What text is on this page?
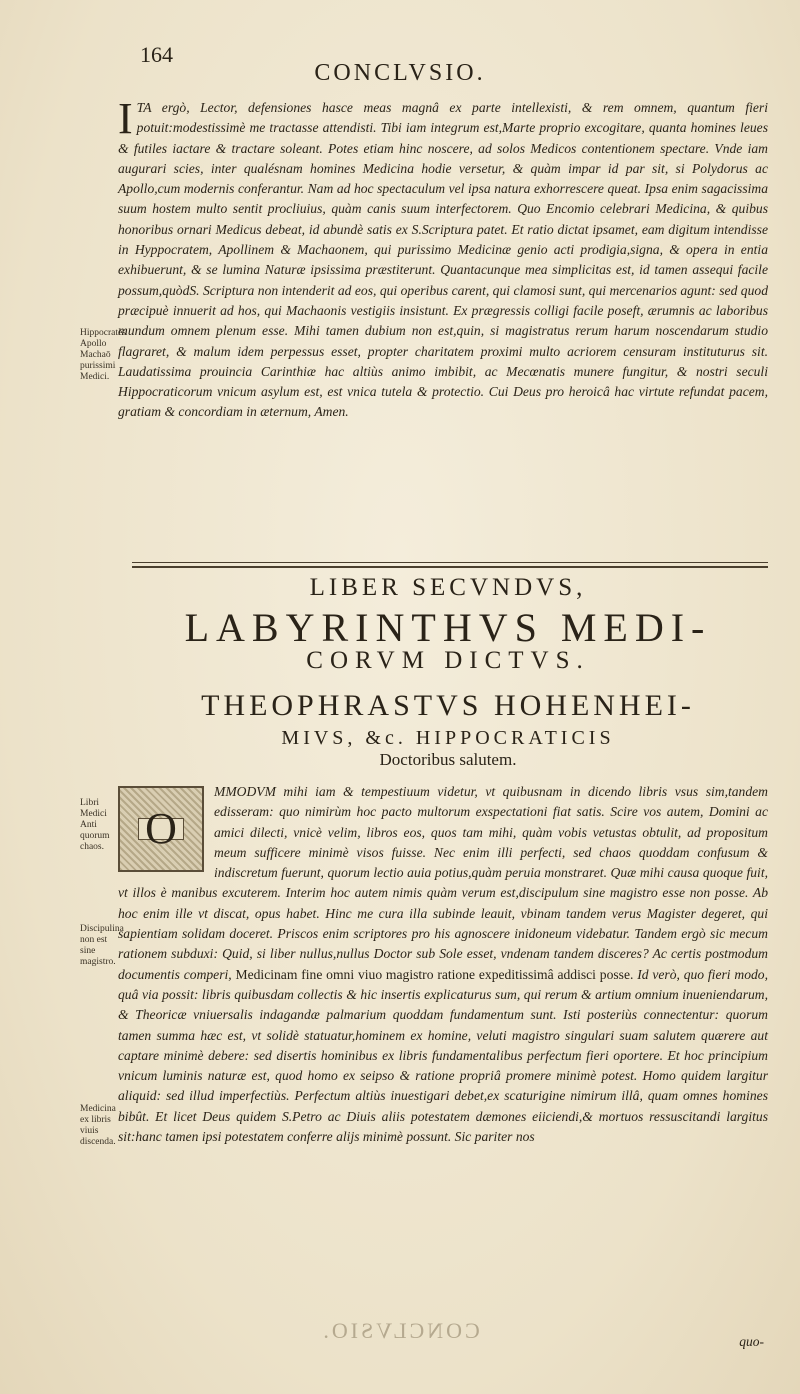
164
CONCLVSIO.

I TA ergò, Lector, defensiones hasce meas magnâ ex parte intellexisti, & rem omnem, quantum fieri potuit:modestissimè me tractasse attendisti. Tibi iam integrum est,Marte proprio excogitare, quanta homines leues & futiles iactare & tractare soleant. Potes etiam hinc noscere, ad solos Medicos contentionem spectare. Vnde iam augurari scies, inter qualésnam homines Medicina hodie versetur, & quàm impar id par sit, si Polydorus ac Apollo,cum modernis conferantur. Nam ad hoc spectaculum vel ipsa natura exhorrescere queat. Ipsa enim sagacissima suum hostem multo sentit procliuius, quàm canis suum interfectorem. Quo Encomio celebrari Medicina, & quibus honoribus ornari Medicus debeat, id abundè satis ex S.Scriptura patet. Et ratio dictat ipsamet, eam digitum intendisse in Hyppocratem, Apollinem & Machaonem, qui purissimo Medicinæ genio acti prodigia,signa, & opera in entia exhibuerunt, & se lumina Naturæ ipsissima præstiterunt. Quantacunque mea simplicitas est, id tamen assequi facile possum,quòdS. Scriptura non intenderit ad eos, qui operibus carent, qui clamosi sunt, qui mercenarios agunt: sed quod præcipuè innuerit ad hos, qui Machaonis vestigiis insistunt. Ex prægressis colligi facile poseft, ærumnis ac laboribus mundum omnem plenum esse. Mihi tamen dubium non est,quin, si magistratus rerum harum noscendarum studio flagraret, & malum idem perpessus esset, propter charitatem proximi multo acriorem censuram instituturus sit. Laudatissima prouincia Carinthiæ hac altiùs animo imbibit, ac Mecœnatis munere fungitur, & nostri seculi Hippocraticorum vnicum asylum est, est vnica tutela & protectio. Cui Deus pro heroicâ hac virtute refundat pacem, gratiam & concordiam in æternum, Amen.

Hippocrates Apollo Machaō purissimi Medici.
LIBER SECVNDVS,
LABYRINTHVS MEDI-
CORVM DICTVS.
THEOPHRASTVS HOHENHEI-
MIVS, &c. HIPPOCRATICIS
Doctoribus salutem.

O
MMODVM mihi iam & tempestiuum videtur, vt quibusnam in dicendo libris vsus sim,tandem edisseram: quo nimirùm hoc pacto multorum exspectationi fiat satis. Scire vos autem, Domini ac amici dilecti, vnicè velim, libros eos, quos tam mihi, quàm vobis vetustas obtulit, ad propositum meum sufficere minimè visos fuisse. Nec enim illi perfecti, sed chaos quoddam confusum & indiscretum fuerunt, quorum lectio auia potius,quàm peruia monstraret. Quæ mihi causa quoque fuit, vt illos è manibus excuterem. Interim hoc autem nimis quàm verum est,discipulum sine magistro esse non posse. Ab hoc enim ille vt discat, opus habet. Hinc me cura illa subinde leauit, vbinam tandem verus Magister degeret, qui sapientiam solidam doceret. Priscos enim scriptores pro his agnoscere inidoneum videbatur. Tandem ergò sic mecum rationem subduxi: Quid, si liber nullus,nullus Doctor sub Sole esset, vndenam tandem disceres? Ac certis postmodum documentis comperi, Medicinam fine omni viuo magistro ratione expeditissimâ addisci posse. Id verò, quo fieri modo, quâ via possit: libris quibusdam collectis & hic insertis explicaturus sum, qui rerum & artium omnium inueniendarum, & Theoricæ vniuersalis indagandæ palmarium quoddam fundamentum sunt. Isti posteriùs connectentur: quorum tamen summa hæc est, vt solidè statuatur,hominem ex homine, veluti magistro singulari suam salutem quærere aut captare minimè debere: sed disertis hominibus ex libris fundamentalibus perfectum fieri oportere. Et hoc principium vnicum luminis naturæ est, quod homo ex seipso & ratione propriâ promere minimè potest. Homo quidem largitur aliquid: sed illud imperfectiùs. Perfectum altiùs inuestigari debet,ex scaturigine nimirum illâ, quam omnes homines bibût. Et licet Deus quidem S.Petro ac Diuis aliis potestatem dæmones eiiciendi,& mortuos ressuscitandi largitus sit:hanc tamen ipsi potestatem conferre alijs minimè possunt. Sic pariter nos

Libri Medici Anti quorum chaos.
Discipulina non est sine magistro.
Medicina ex libris viuis discenda.
quo-
CONCLVSIO.
